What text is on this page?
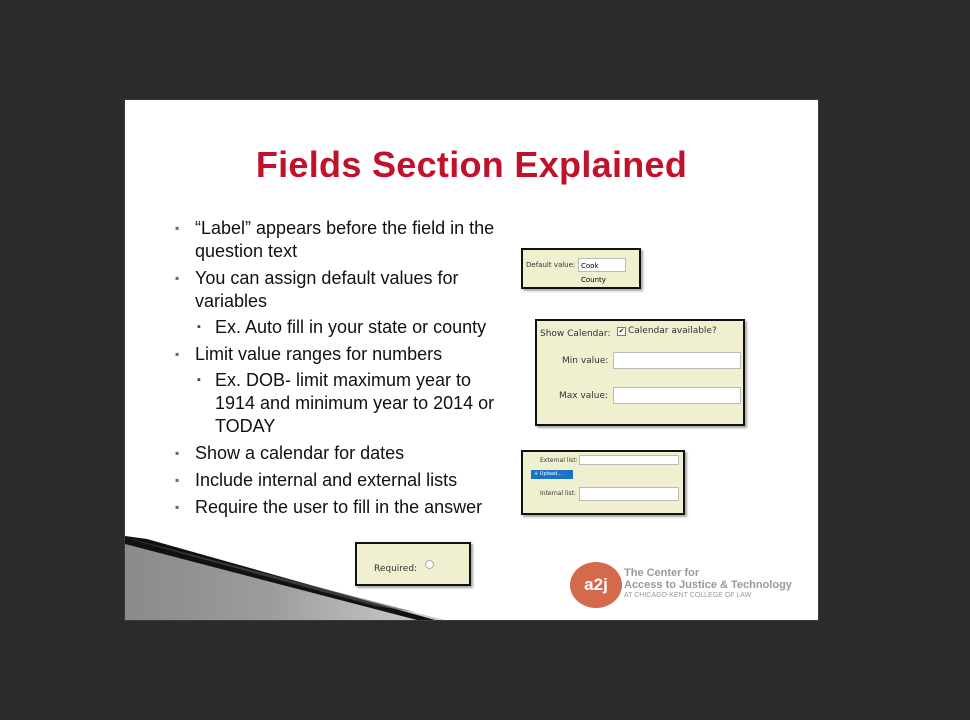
Fields Section Explained
▪ “Label” appears before the field in the
question text
▪ You can assign default values for
variables
▪ Ex. Auto fill in your state or county
▪ Limit value ranges for numbers
▪ Ex. DOB- limit maximum year to
1914 and minimum year to 2014 or
TODAY
▪ Show a calendar for dates
▪ Include internal and external lists
▪ Require the user to fill in the answer
Default value: Cook County
Show Calendar: ✔ Calendar available?
Min value:
Max value:
External list:
+ Upload...
Internal list:
Required:
a2j
The Center for
Access to Justice & Technology
AT CHICAGO-KENT COLLEGE OF LAW
